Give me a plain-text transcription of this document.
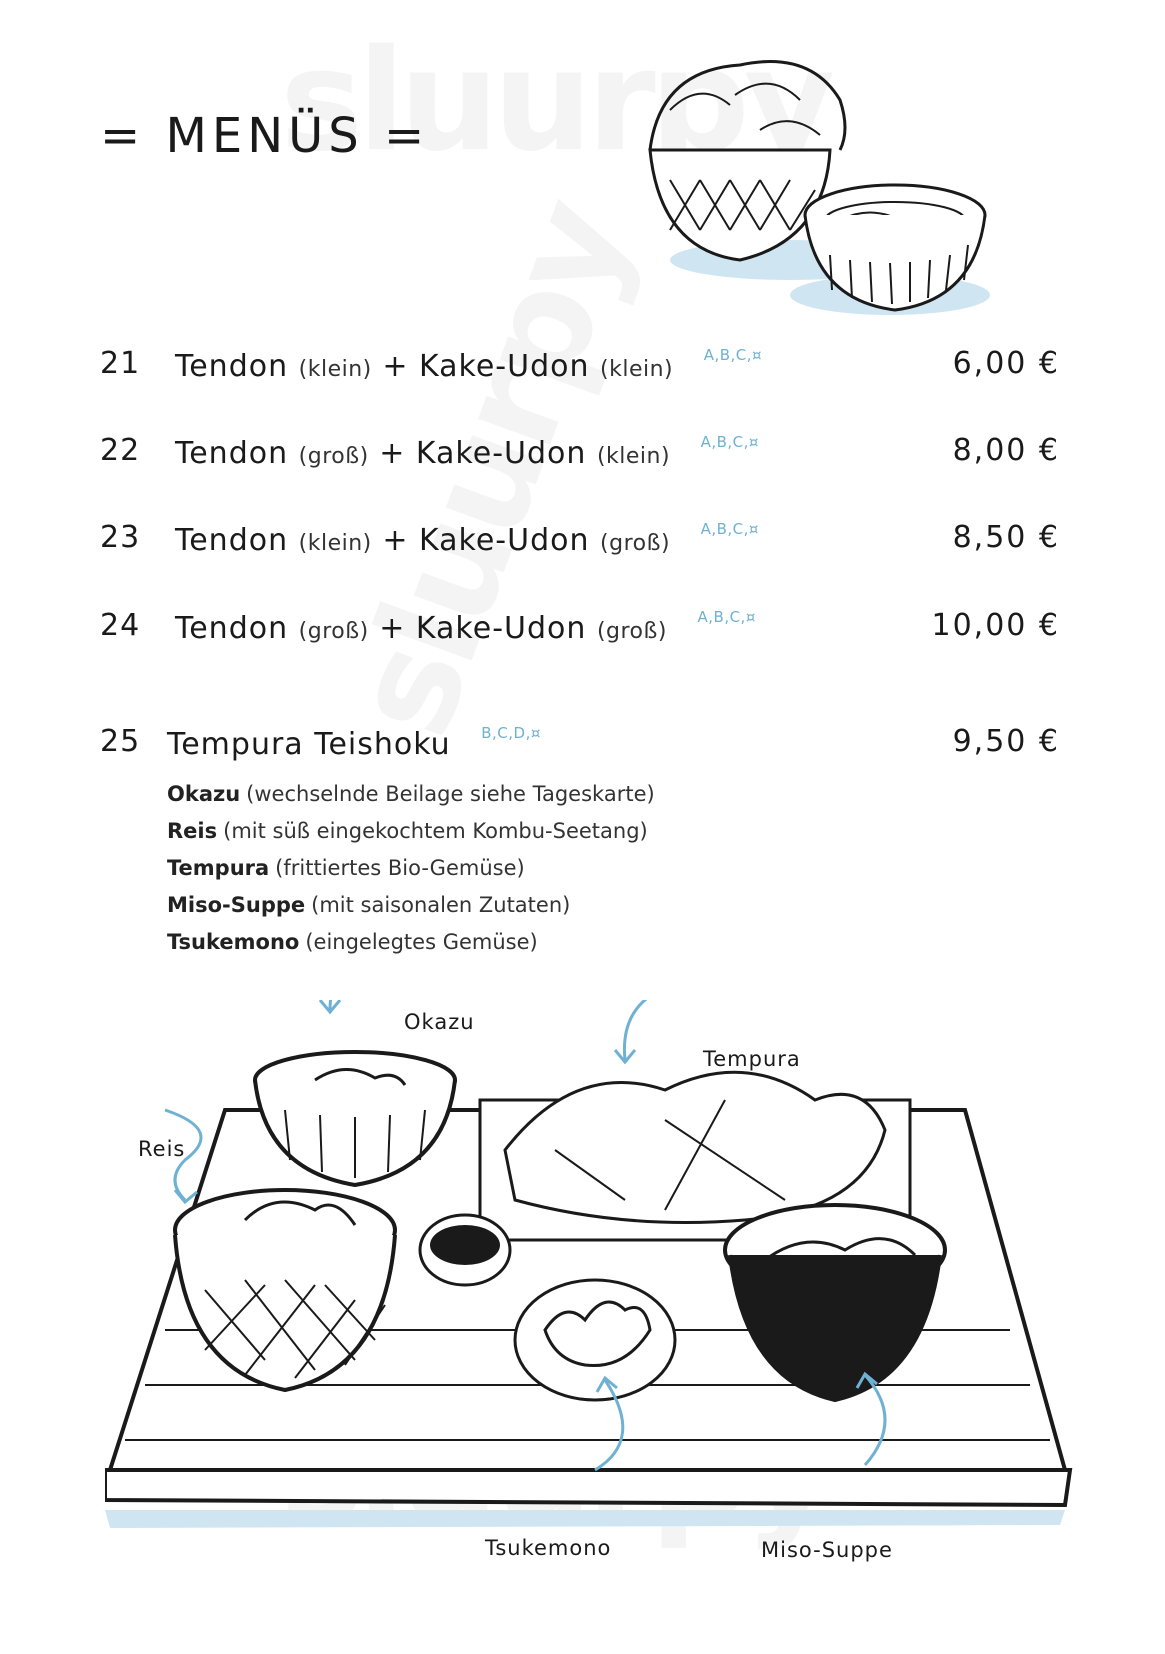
= MENÜS =
21 Tendon (klein) + Kake-Udon (klein) $^{A,B,C,¤}$	6,00 €
22 Tendon (groß) + Kake-Udon (klein) $^{A,B,C,¤}$	8,00 €
23 Tendon (klein) + Kake-Udon (groß) $^{A,B,C,¤}$	8,50 €
24 Tendon (groß) + Kake-Udon (groß) $^{A,B,C,¤}$	10,00 €
25 Tempura Teishoku $^{B,C,D,¤}$	9,50 €
Okazu (wechselnde Beilage siehe Tageskarte)
Reis (mit süß eingekochtem Kombu-Seetang)
Tempura (frittiertes Bio-Gemüse)
Miso-Suppe (mit saisonalen Zutaten)
Tsukemono (eingelegtes Gemüse)
Okazu
Tempura
Reis
Tsukemono	Miso-Suppe
